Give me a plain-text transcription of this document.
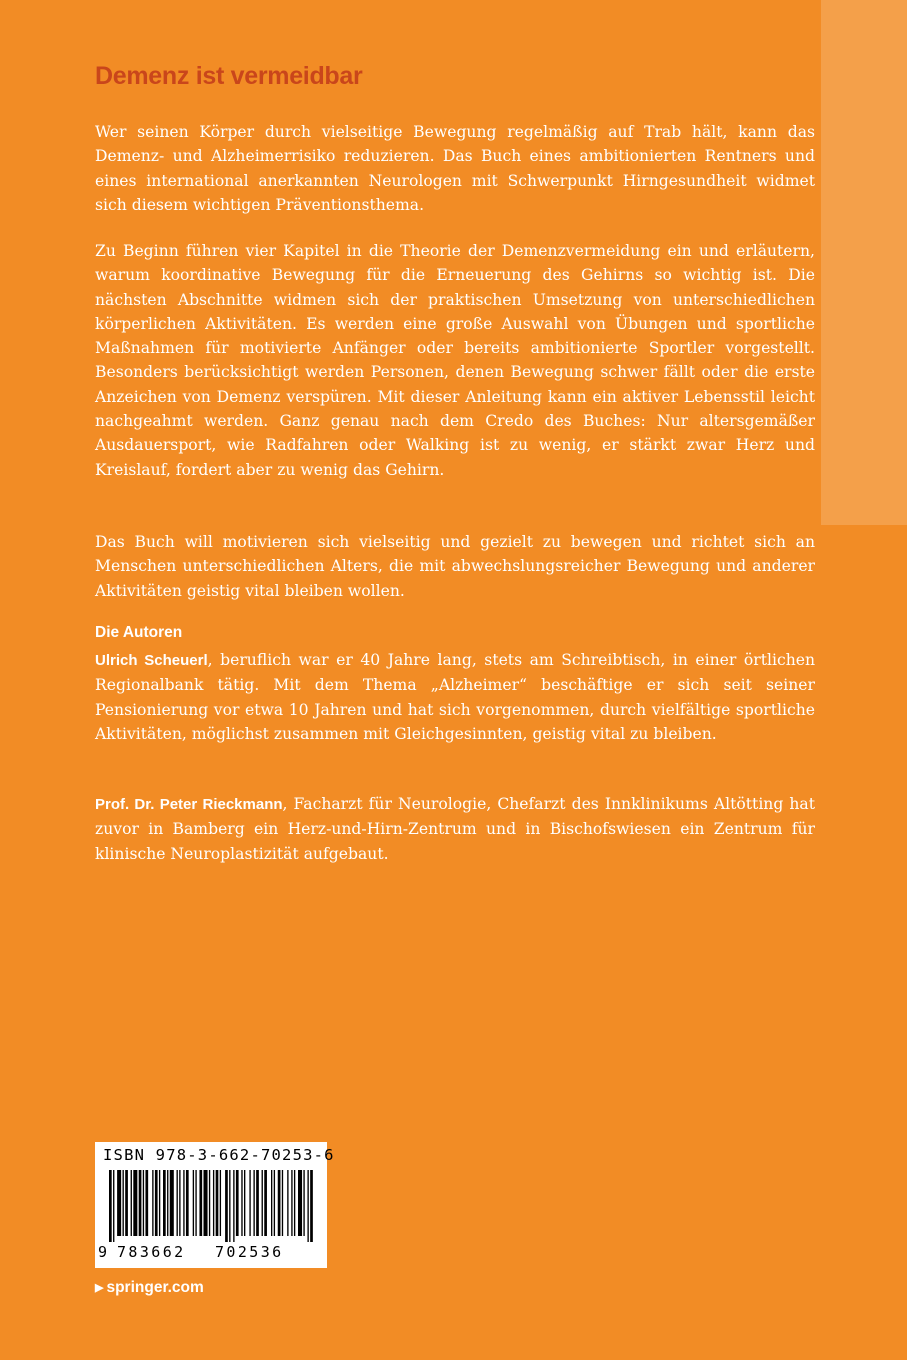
Demenz ist vermeidbar

Wer seinen Körper durch vielseitige Bewegung regelmäßig auf Trab hält, kann das Demenz- und Alzheimerrisiko reduzieren. Das Buch eines ambitionierten Rentners und eines international anerkannten Neurologen mit Schwerpunkt Hirngesundheit widmet sich diesem wichtigen Präventionsthema.

Zu Beginn führen vier Kapitel in die Theorie der Demenzvermeidung ein und erläutern, warum koordinative Bewegung für die Erneuerung des Gehirns so wichtig ist. Die nächsten Abschnitte widmen sich der praktischen Umsetzung von unterschiedlichen körperlichen Aktivitäten. Es werden eine große Auswahl von Übungen und sportliche Maßnahmen für motivierte Anfänger oder bereits ambitionierte Sportler vorgestellt. Besonders berücksichtigt werden Personen, denen Bewegung schwer fällt oder die erste Anzeichen von Demenz verspüren. Mit dieser Anleitung kann ein aktiver Lebensstil leicht nachgeahmt werden. Ganz genau nach dem Credo des Buches: Nur altersgemäßer Ausdauersport, wie Radfahren oder Walking ist zu wenig, er stärkt zwar Herz und Kreislauf, fordert aber zu wenig das Gehirn.

Das Buch will motivieren sich vielseitig und gezielt zu bewegen und richtet sich an Menschen unterschiedlichen Alters, die mit abwechslungsreicher Bewegung und anderer Aktivitäten geistig vital bleiben wollen.

Die Autoren

Ulrich Scheuerl, beruflich war er 40 Jahre lang, stets am Schreibtisch, in einer örtlichen Regionalbank tätig. Mit dem Thema „Alzheimer“ beschäftige er sich seit seiner Pensionierung vor etwa 10 Jahren und hat sich vorgenommen, durch vielfältige sportliche Aktivitäten, möglichst zusammen mit Gleichgesinnten, geistig vital zu bleiben.

Prof. Dr. Peter Rieckmann, Facharzt für Neurologie, Chefarzt des Innklinikums Altötting hat zuvor in Bamberg ein Herz-und-Hirn-Zentrum und in Bischofswiesen ein Zentrum für klinische Neuroplastizität aufgebaut.

ISBN 978-3-662-70253-6
9 783662 702536
▶ springer.com
